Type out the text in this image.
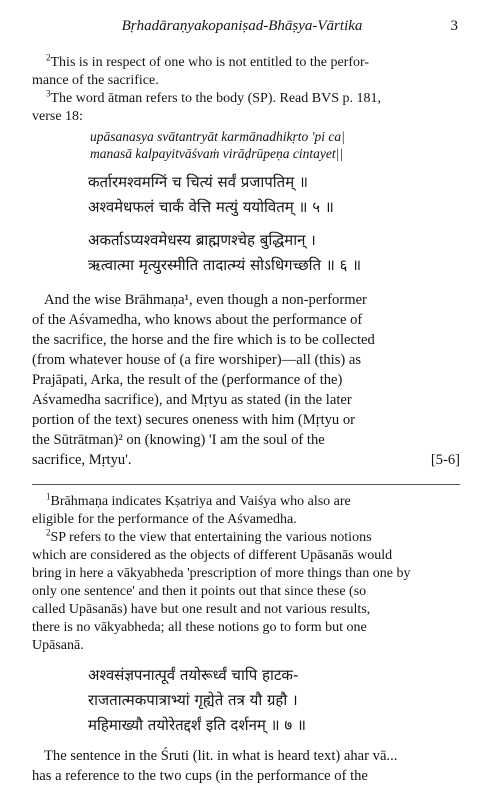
Bṛhadāraṇyakopaniṣad-Bhāṣya-Vārtika	3

$^2$This is in respect of one who is not entitled to the perfor-
mance of the sacrifice.

$^3$The word ātman refers to the body (SP). Read BVS p. 181,
verse 18:

upāsanasya svātantryāt karmānadhikṛto 'pi ca|
manasā kalpayitvāśvaṁ virāḍrūpeṇa cintayet||
कर्तारमश्वमग्निं च चित्यं सर्वं प्रजापतिम् ॥
अश्वमेधफलं चार्कं वेत्ति मत्युं ययोवितम् ॥ ५ ॥
अकर्ताऽप्यश्वमेधस्य ब्राह्मणश्चेह बुद्धिमान् ।
ऋत्वात्मा मृत्युरस्मीति तादात्म्यं सोऽधिगच्छति ॥ ६ ॥

And the wise Brāhmaṇa¹, even though a non-performer
of the Aśvamedha, who knows about the performance of
the sacrifice, the horse and the fire which is to be collected
(from whatever house of (a fire worshiper)—all (this) as
Prajāpati, Arka, the result of the (performance of the)
Aśvamedha sacrifice), and Mṛtyu as stated (in the later
portion of the text) secures oneness with him (Mṛtyu or
the Sūtrātman)² on (knowing) 'I am the soul of the
sacrifice, Mṛtyu'.	[5-6]

$^1$Brāhmaṇa indicates Kṣatriya and Vaiśya who also are
eligible for the performance of the Aśvamedha.

$^2$SP refers to the view that entertaining the various notions
which are considered as the objects of different Upāsanās would
bring in here a vākyabheda 'prescription of more things than one by
only one sentence' and then it points out that since these (so
called Upāsanās) have but one result and not various results,
there is no vākyabheda; all these notions go to form but one
Upāsanā.

अश्वसंज्ञपनात्पूर्वं तयोरूर्ध्वं चापि हाटक-
राजतात्मकपात्राभ्यां गृह्येते तत्र यौ ग्रहौ ।
महिमाख्यौ तयोरेतद्दर्शं इति दर्शनम् ॥ ७ ॥

The sentence in the Śruti (lit. in what is heard text) ahar vā...
has a reference to the two cups (in the performance of the
